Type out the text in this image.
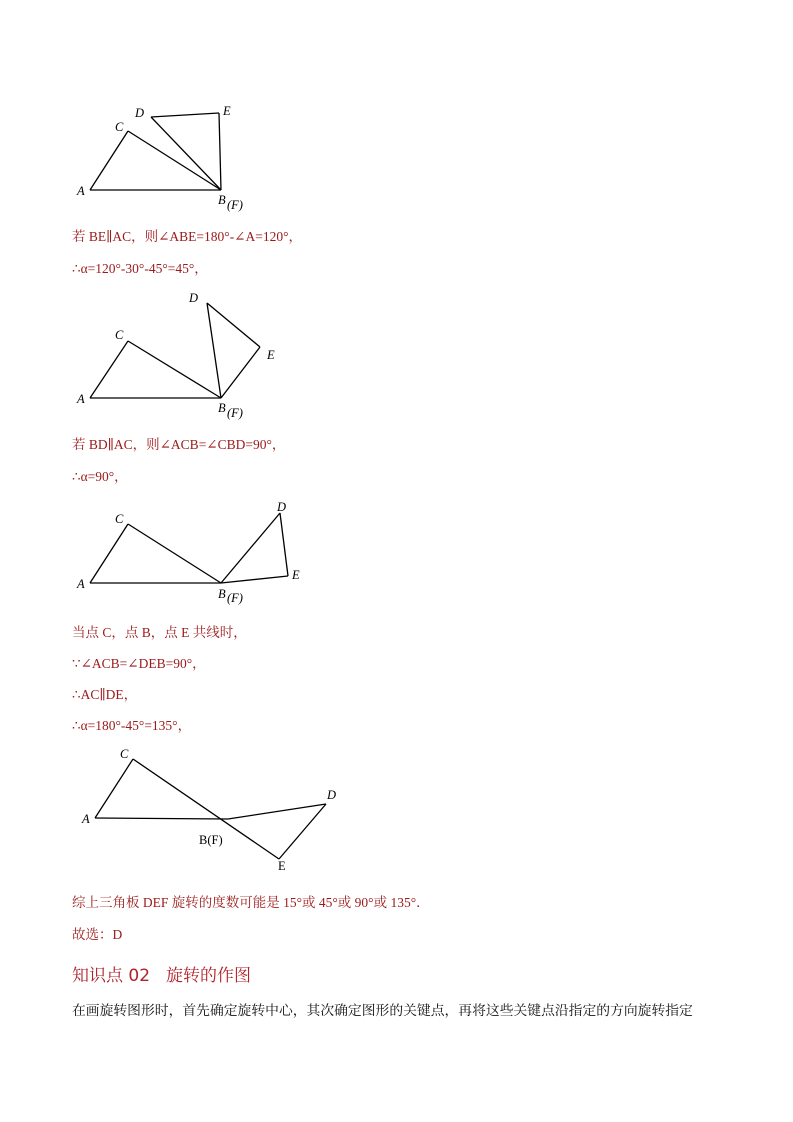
A
C
D	E
B (F)
若 BE∥AC，则∠ABE=180°-∠A=120°，
∴α=120°-30°-45°=45°，
A
C
D
E
B (F)
若 BD∥AC，则∠ACB=∠CBD=90°，
∴α=90°，
A
C
D
E
B (F)
当点 C，点 B，点 E 共线时，
∵∠ACB=∠DEB=90°，
∴AC∥DE，
∴α=180°-45°=135°，
A
C
D
E
B(F)
综上三角板 DEF 旋转的度数可能是 15°或 45°或 90°或 135°．
故选：D
知识点 02 旋转的作图
在画旋转图形时，首先确定旋转中心，其次确定图形的关键点，再将这些关键点沿指定的方向旋转指定
